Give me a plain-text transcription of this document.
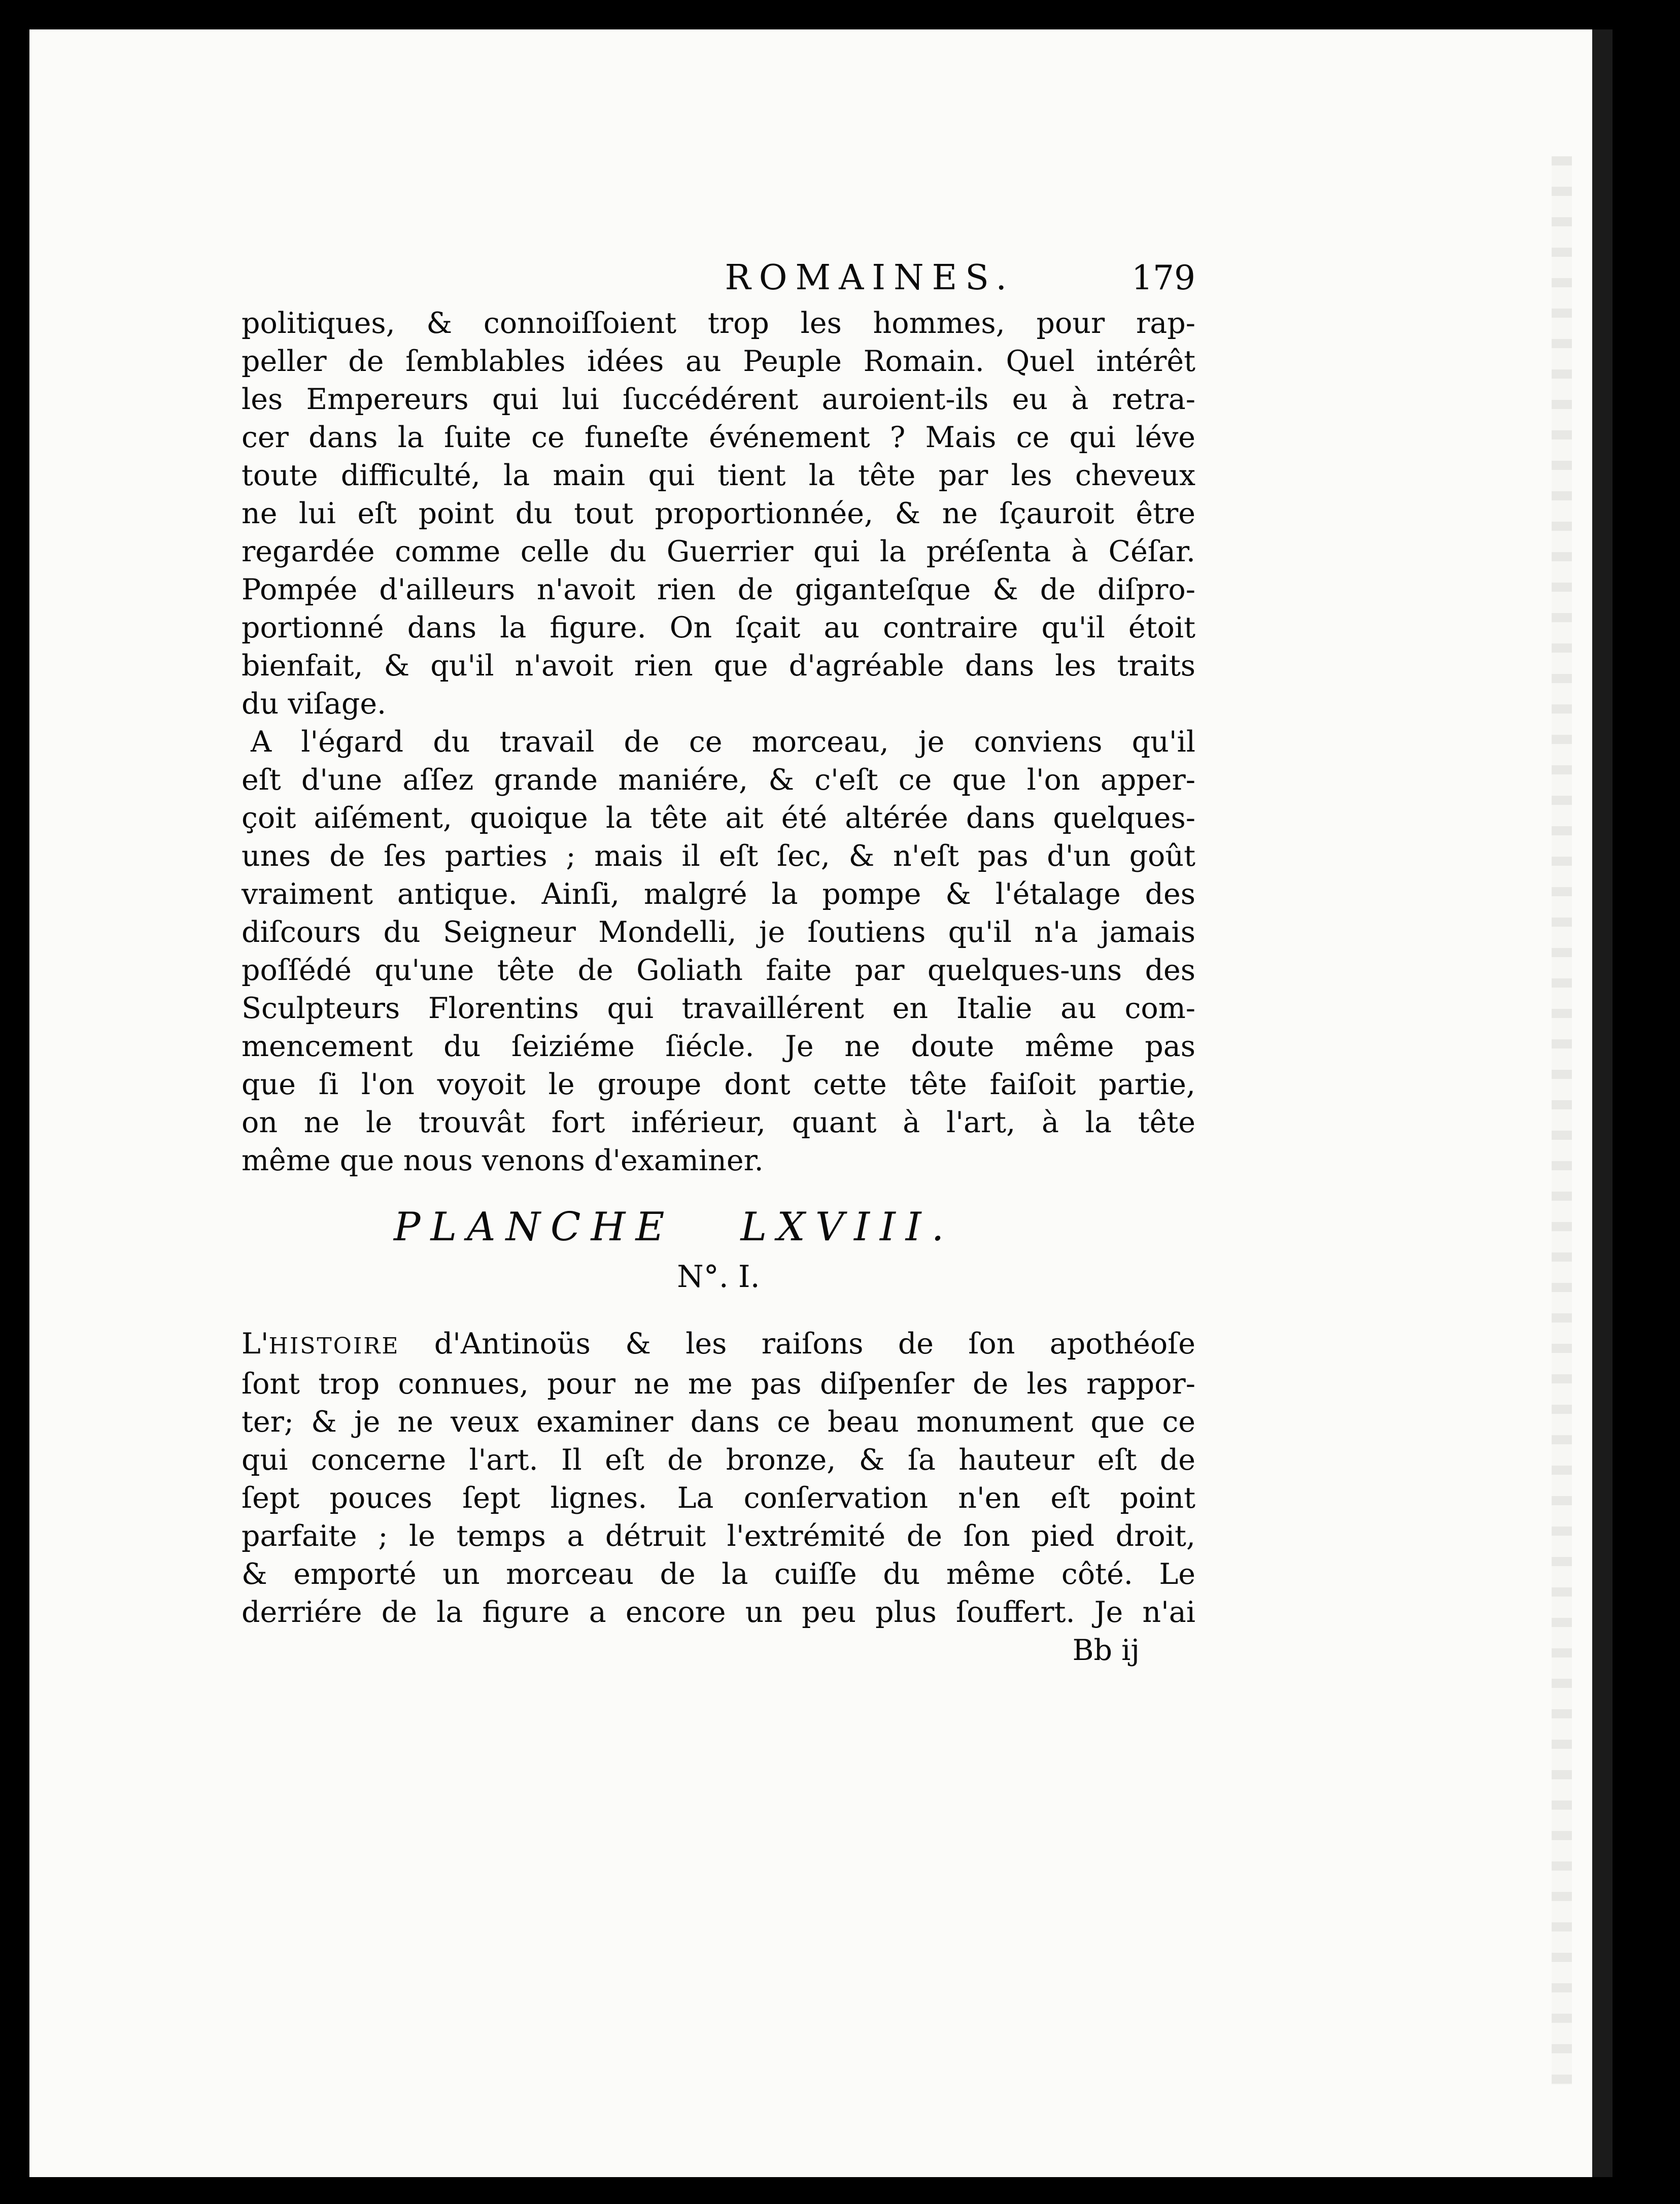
ROMAINES.	179
politiques, & connoiſſoient trop les hommes, pour rap-
peller de ſemblables idées au Peuple Romain. Quel intérêt
les Empereurs qui lui ſuccédérent auroient-ils eu à retra-
cer dans la ſuite ce funeſte événement ? Mais ce qui léve
toute difficulté, la main qui tient la tête par les cheveux
ne lui eſt point du tout proportionnée, & ne ſçauroit être
regardée comme celle du Guerrier qui la préſenta à Céſar.
Pompée d'ailleurs n'avoit rien de giganteſque & de diſpro-
portionné dans la figure. On ſçait au contraire qu'il étoit
bienfait, & qu'il n'avoit rien que d'agréable dans les traits
du viſage.
A l'égard du travail de ce morceau, je conviens qu'il
eſt d'une aſſez grande maniére, & c'eſt ce que l'on apper-
çoit aiſément, quoique la tête ait été altérée dans quelques-
unes de ſes parties ; mais il eſt ſec, & n'eſt pas d'un goût
vraiment antique. Ainſi, malgré la pompe & l'étalage des
diſcours du Seigneur Mondelli, je ſoutiens qu'il n'a jamais
poſſédé qu'une tête de Goliath faite par quelques-uns des
Sculpteurs Florentins qui travaillérent en Italie au com-
mencement du ſeiziéme ſiécle. Je ne doute même pas
que ſi l'on voyoit le groupe dont cette tête faiſoit partie,
on ne le trouvât fort inférieur, quant à l'art, à la tête
même que nous venons d'examiner.
PLANCHE LXVIII.
N°. I.
L'HISTOIRE d'Antinoüs & les raiſons de ſon apothéoſe
ſont trop connues, pour ne me pas diſpenſer de les rappor-
ter; & je ne veux examiner dans ce beau monument que ce
qui concerne l'art. Il eſt de bronze, & ſa hauteur eſt de
ſept pouces ſept lignes. La conſervation n'en eſt point
parfaite ; le temps a détruit l'extrémité de ſon pied droit,
& emporté un morceau de la cuiſſe du même côté. Le
derriére de la figure a encore un peu plus ſouffert. Je n'ai
Bb ij
